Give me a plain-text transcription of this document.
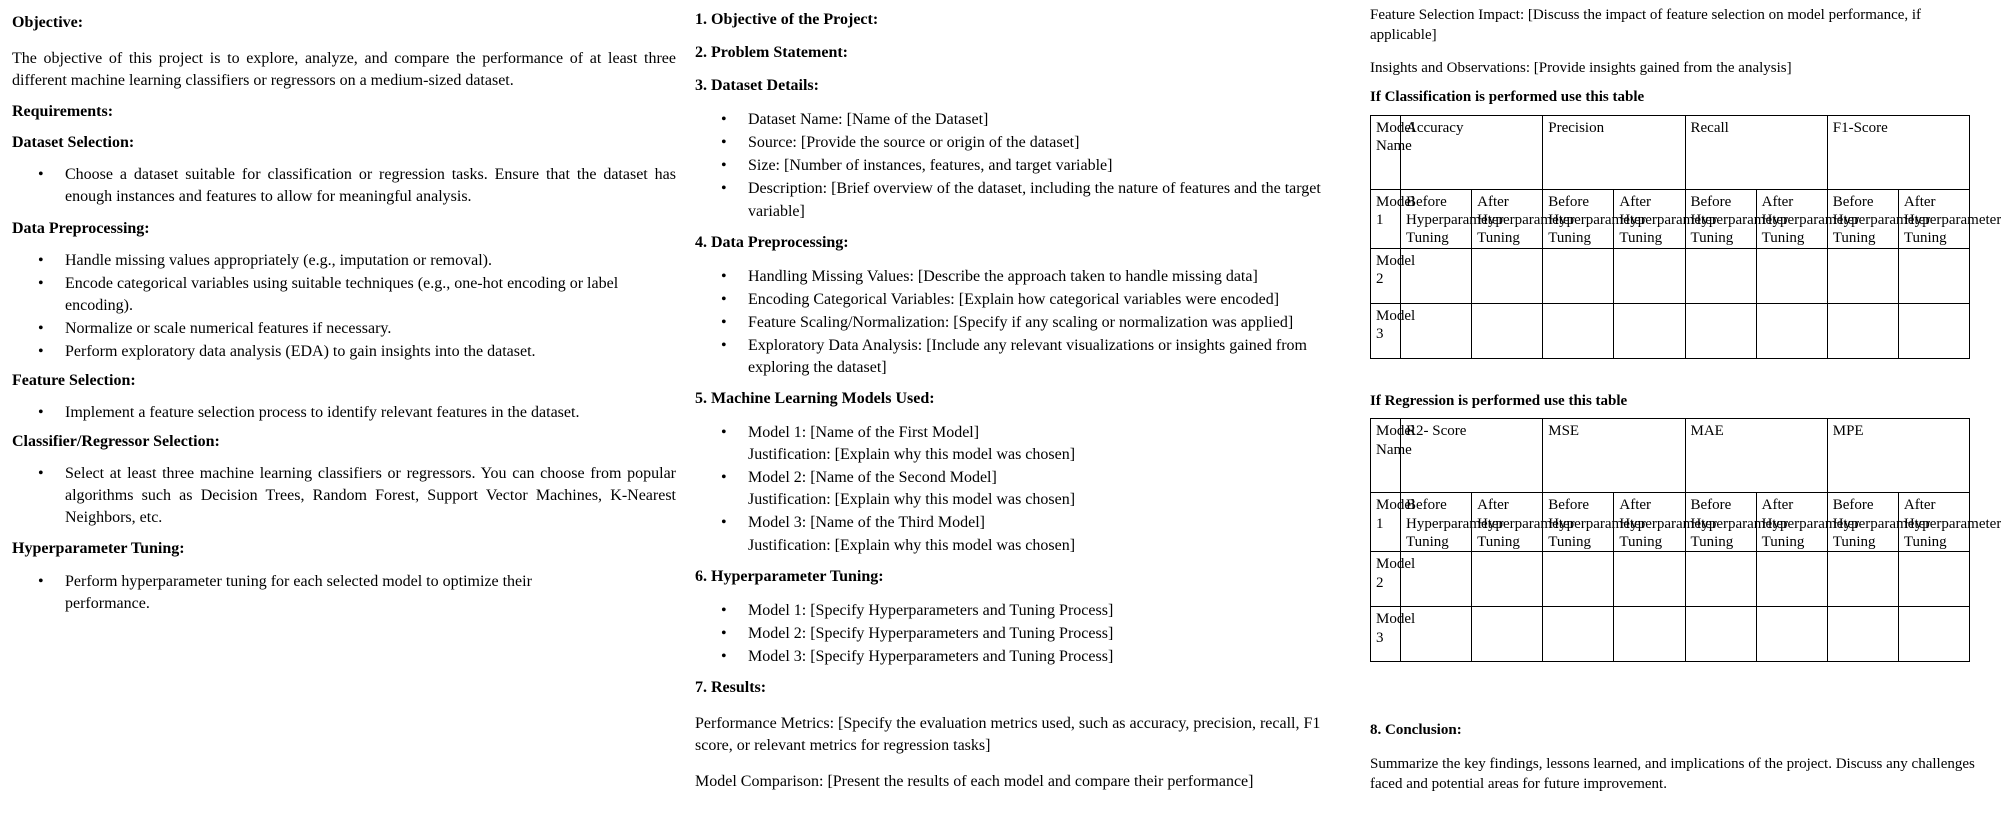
Objective:

The objective of this project is to explore, analyze, and compare the performance of at least three different machine learning classifiers or regressors on a medium-sized dataset.

Requirements:
Dataset Selection:
• Choose a dataset suitable for classification or regression tasks. Ensure that the dataset has enough instances and features to allow for meaningful analysis.
Data Preprocessing:
• Handle missing values appropriately (e.g., imputation or removal).
• Encode categorical variables using suitable techniques (e.g., one-hot encoding or label encoding).
• Normalize or scale numerical features if necessary.
• Perform exploratory data analysis (EDA) to gain insights into the dataset.
Feature Selection:
• Implement a feature selection process to identify relevant features in the dataset.
Classifier/Regressor Selection:
• Select at least three machine learning classifiers or regressors. You can choose from popular algorithms such as Decision Trees, Random Forest, Support Vector Machines, K-Nearest Neighbors, etc.
Hyperparameter Tuning:
• Perform hyperparameter tuning for each selected model to optimize their performance.
1. Objective of the Project:
2. Problem Statement:
3. Dataset Details:
• Dataset Name: [Name of the Dataset]
• Source: [Provide the source or origin of the dataset]
• Size: [Number of instances, features, and target variable]
• Description: [Brief overview of the dataset, including the nature of features and the target variable]
4. Data Preprocessing:
• Handling Missing Values: [Describe the approach taken to handle missing data]
• Encoding Categorical Variables: [Explain how categorical variables were encoded]
• Feature Scaling/Normalization: [Specify if any scaling or normalization was applied]
• Exploratory Data Analysis: [Include any relevant visualizations or insights gained from exploring the dataset]
5. Machine Learning Models Used:
• Model 1: [Name of the First Model]
Justification: [Explain why this model was chosen]
• Model 2: [Name of the Second Model]
Justification: [Explain why this model was chosen]
• Model 3: [Name of the Third Model]
Justification: [Explain why this model was chosen]
6. Hyperparameter Tuning:
• Model 1: [Specify Hyperparameters and Tuning Process]
• Model 2: [Specify Hyperparameters and Tuning Process]
• Model 3: [Specify Hyperparameters and Tuning Process]
7. Results:

Performance Metrics: [Specify the evaluation metrics used, such as accuracy, precision, recall, F1 score, or relevant metrics for regression tasks]

Model Comparison: [Present the results of each model and compare their performance]

Feature Selection Impact: [Discuss the impact of feature selection on model performance, if applicable]

Insights and Observations: [Provide insights gained from the analysis]

If Classification is performed use this table

Model Name	Accuracy		Precision		Recall		F1-Score	
Model 1	Before Hyperparameter Tuning	After Hyperparameter Tuning	Before Hyperparameter Tuning	After Hyperparameter Tuning	Before Hyperparameter Tuning	After Hyperparameter Tuning	Before Hyperparameter Tuning	After Hyperparameter Tuning
Model 2								
Model 3								

If Regression is performed use this table

Model Name	R2- Score		MSE		MAE		MPE	
Model 1	Before Hyperparameter Tuning	After Hyperparameter Tuning	Before Hyperparameter Tuning	After Hyperparameter Tuning	Before Hyperparameter Tuning	After Hyperparameter Tuning	Before Hyperparameter Tuning	After Hyperparameter Tuning
Model 2								
Model 3								

8. Conclusion:

Summarize the key findings, lessons learned, and implications of the project. Discuss any challenges faced and potential areas for future improvement.
